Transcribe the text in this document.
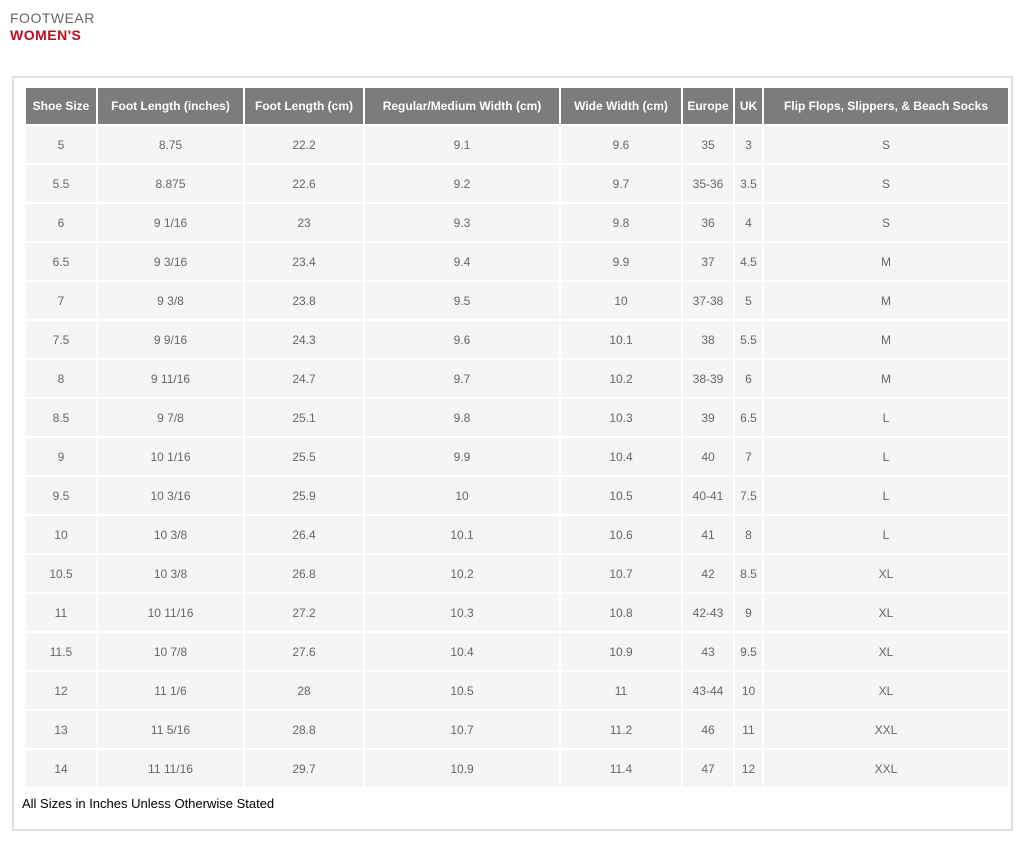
FOOTWEAR
WOMEN'S
Shoe Size	Foot Length (inches)	Foot Length (cm)	Regular/Medium Width (cm)	Wide Width (cm)	Europe	UK	Flip Flops, Slippers, & Beach Socks
5	8.75	22.2	9.1	9.6	35	3	S
5.5	8.875	22.6	9.2	9.7	35-36	3.5	S
6	9 1/16	23	9.3	9.8	36	4	S
6.5	9 3/16	23.4	9.4	9.9	37	4.5	M
7	9 3/8	23.8	9.5	10	37-38	5	M
7.5	9 9/16	24.3	9.6	10.1	38	5.5	M
8	9 11/16	24.7	9.7	10.2	38-39	6	M
8.5	9 7/8	25.1	9.8	10.3	39	6.5	L
9	10 1/16	25.5	9.9	10.4	40	7	L
9.5	10 3/16	25.9	10	10.5	40-41	7.5	L
10	10 3/8	26.4	10.1	10.6	41	8	L
10.5	10 3/8	26.8	10.2	10.7	42	8.5	XL
11	10 11/16	27.2	10.3	10.8	42-43	9	XL
11.5	10 7/8	27.6	10.4	10.9	43	9.5	XL
12	11 1/6	28	10.5	11	43-44	10	XL
13	11 5/16	28.8	10.7	11.2	46	11	XXL
14	11 11/16	29.7	10.9	11.4	47	12	XXL

All Sizes in Inches Unless Otherwise Stated
